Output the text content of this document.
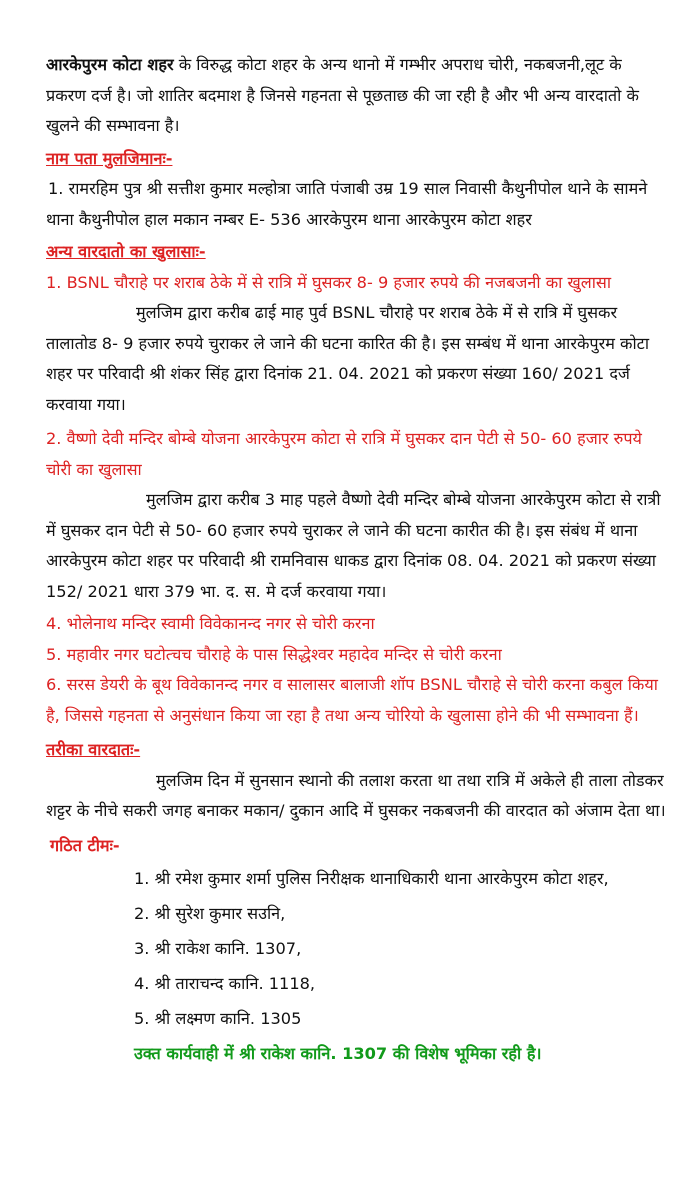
आरकेपुरम कोटा शहर के विरुद्ध कोटा शहर के अन्य थानो में गम्भीर अपराध चोरी, नकबजनी,लूट के प्रकरण दर्ज है। जो शातिर बदमाश है जिनसे गहनता से पूछताछ की जा रही है और भी अन्य वारदातो के खुलने की सम्भावना है।

नाम पता मुलजिमानः-

1. रामरहिम पुत्र श्री सत्तीश कुमार मल्होत्रा जाति पंजाबी उम्र 19 साल निवासी कैथुनीपोल थाने के सामने थाना कैथुनीपोल हाल मकान नम्बर E- 536 आरकेपुरम थाना आरकेपुरम कोटा शहर

अन्य वारदातो का खुलासाः-

1. BSNL चौराहे पर शराब ठेके में से रात्रि में घुसकर 8- 9 हजार रुपये की नजबजनी का खुलासा

मुलजिम द्वारा करीब ढाई माह पुर्व BSNL चौराहे पर शराब ठेके में से रात्रि में घुसकर तालातोड 8- 9 हजार रुपये चुराकर ले जाने की घटना कारित की है। इस सम्बंध में थाना आरकेपुरम कोटा शहर पर परिवादी श्री शंकर सिंह द्वारा दिनांक 21. 04. 2021 को प्रकरण संख्या 160/ 2021 दर्ज करवाया गया।

2. वैष्णो देवी मन्दिर बोम्बे योजना आरकेपुरम कोटा से रात्रि में घुसकर दान पेटी से 50- 60 हजार रुपये चोरी का खुलासा

मुलजिम द्वारा करीब 3 माह पहले वैष्णो देवी मन्दिर बोम्बे योजना आरकेपुरम कोटा से रात्री में घुसकर दान पेटी से 50- 60 हजार रुपये चुराकर ले जाने की घटना कारीत की है। इस संबंध में थाना आरकेपुरम कोटा शहर पर परिवादी श्री रामनिवास धाकड द्वारा दिनांक 08. 04. 2021 को प्रकरण संख्या 152/ 2021 धारा 379 भा. द. स. मे दर्ज करवाया गया।

4. भोलेनाथ मन्दिर स्वामी विवेकानन्द नगर से चोरी करना

5. महावीर नगर घटोत्चच चौराहे के पास सिद्धेश्वर महादेव मन्दिर से चोरी करना

6. सरस डेयरी के बूथ विवेकानन्द नगर व सालासर बालाजी शॉप BSNL चौराहे से चोरी करना कबुल किया है, जिससे गहनता से अनुसंधान किया जा रहा है तथा अन्य चोरियो के खुलासा होने की भी सम्भावना हैं।

तरीका वारदातः-

मुलजिम दिन में सुनसान स्थानो की तलाश करता था तथा रात्रि में अकेले ही ताला तोडकर शट्टर के नीचे सकरी जगह बनाकर मकान/ दुकान आदि में घुसकर नकबजनी की वारदात को अंजाम देता था।

गठित टीमः-

1. श्री रमेश कुमार शर्मा पुलिस निरीक्षक थानाधिकारी थाना आरकेपुरम कोटा शहर,

2. श्री सुरेश कुमार सउनि,

3. श्री राकेश कानि. 1307,

4. श्री ताराचन्द कानि. 1118,

5. श्री लक्ष्मण कानि. 1305

उक्त कार्यवाही में श्री राकेश कानि. 1307 की विशेष भूमिका रही है।
